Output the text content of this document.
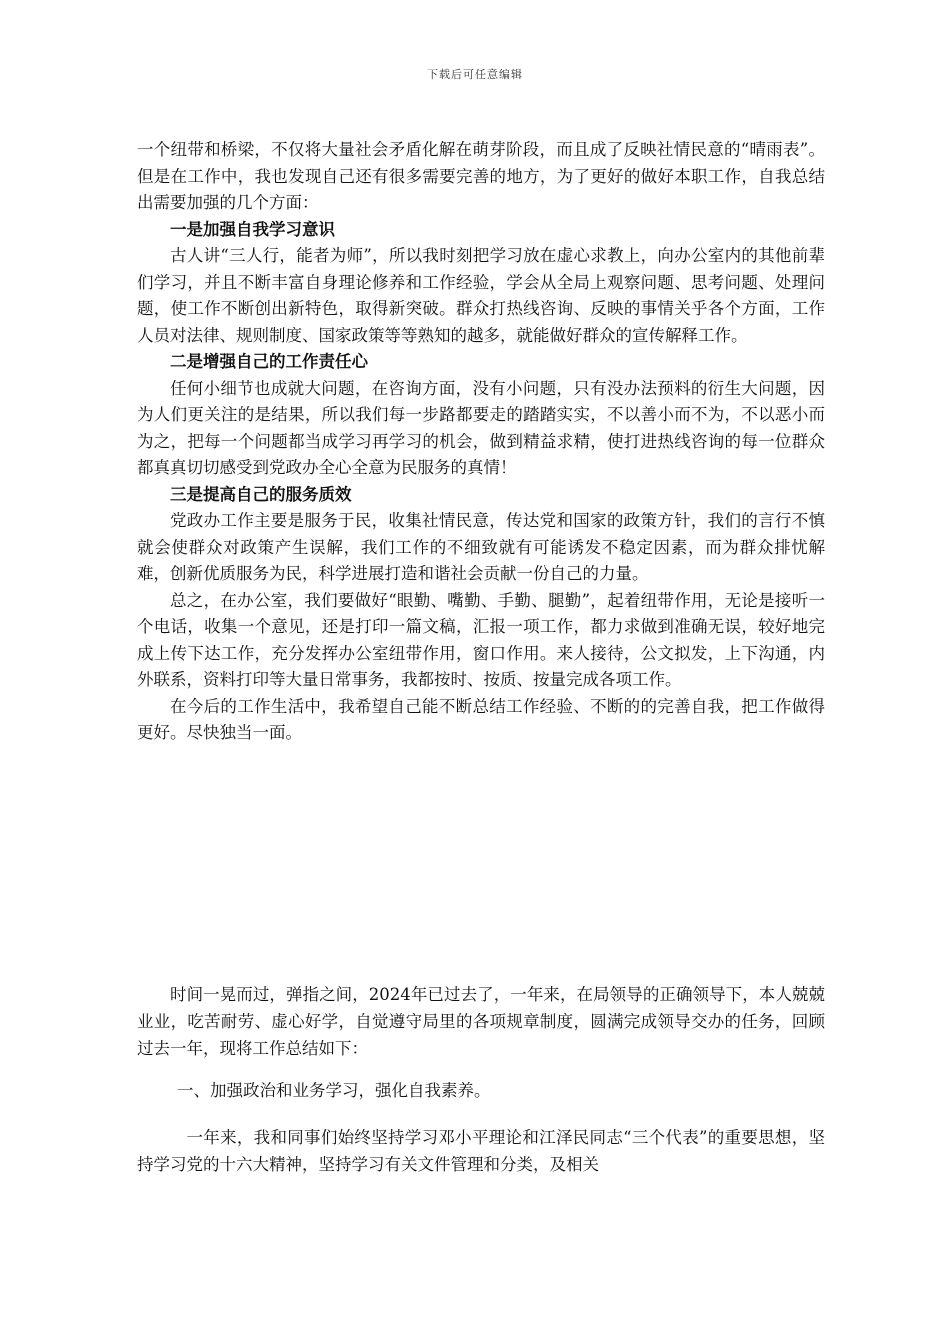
下载后可任意编辑

一个纽带和桥梁，不仅将大量社会矛盾化解在萌芽阶段，而且成了反映社情民意的“晴雨表”。但是在工作中，我也发现自己还有很多需要完善的地方，为了更好的做好本职工作，自我总结出需要加强的几个方面：

一是加强自我学习意识

古人讲“三人行，能者为师”，所以我时刻把学习放在虚心求教上，向办公室内的其他前辈们学习，并且不断丰富自身理论修养和工作经验，学会从全局上观察问题、思考问题、处理问题，使工作不断创出新特色，取得新突破。群众打热线咨询、反映的事情关乎各个方面，工作人员对法律、规则制度、国家政策等等熟知的越多，就能做好群众的宣传解释工作。

二是增强自己的工作责任心

任何小细节也成就大问题，在咨询方面，没有小问题，只有没办法预料的衍生大问题，因为人们更关注的是结果，所以我们每一步路都要走的踏踏实实，不以善小而不为，不以恶小而为之，把每一个问题都当成学习再学习的机会，做到精益求精，使打进热线咨询的每一位群众都真真切切感受到党政办全心全意为民服务的真情！

三是提高自己的服务质效

党政办工作主要是服务于民，收集社情民意，传达党和国家的政策方针，我们的言行不慎就会使群众对政策产生误解，我们工作的不细致就有可能诱发不稳定因素，而为群众排忧解难，创新优质服务为民，科学进展打造和谐社会贡献一份自己的力量。

总之，在办公室，我们要做好“眼勤、嘴勤、手勤、腿勤”，起着纽带作用，无论是接听一个电话，收集一个意见，还是打印一篇文稿，汇报一项工作，都力求做到准确无误，较好地完成上传下达工作，充分发挥办公室纽带作用，窗口作用。来人接待，公文拟发，上下沟通，内外联系，资料打印等大量日常事务，我都按时、按质、按量完成各项工作。

在今后的工作生活中，我希望自己能不断总结工作经验、不断的的完善自我，把工作做得更好。尽快独当一面。

时间一晃而过，弹指之间，2024年已过去了，一年来，在局领导的正确领导下，本人兢兢业业，吃苦耐劳、虚心好学，自觉遵守局里的各项规章制度，圆满完成领导交办的任务，回顾过去一年，现将工作总结如下：

一、加强政治和业务学习，强化自我素养。

一年来，我和同事们始终坚持学习邓小平理论和江泽民同志“三个代表”的重要思想，坚持学习党的十六大精神，坚持学习有关文件管理和分类，及相关
